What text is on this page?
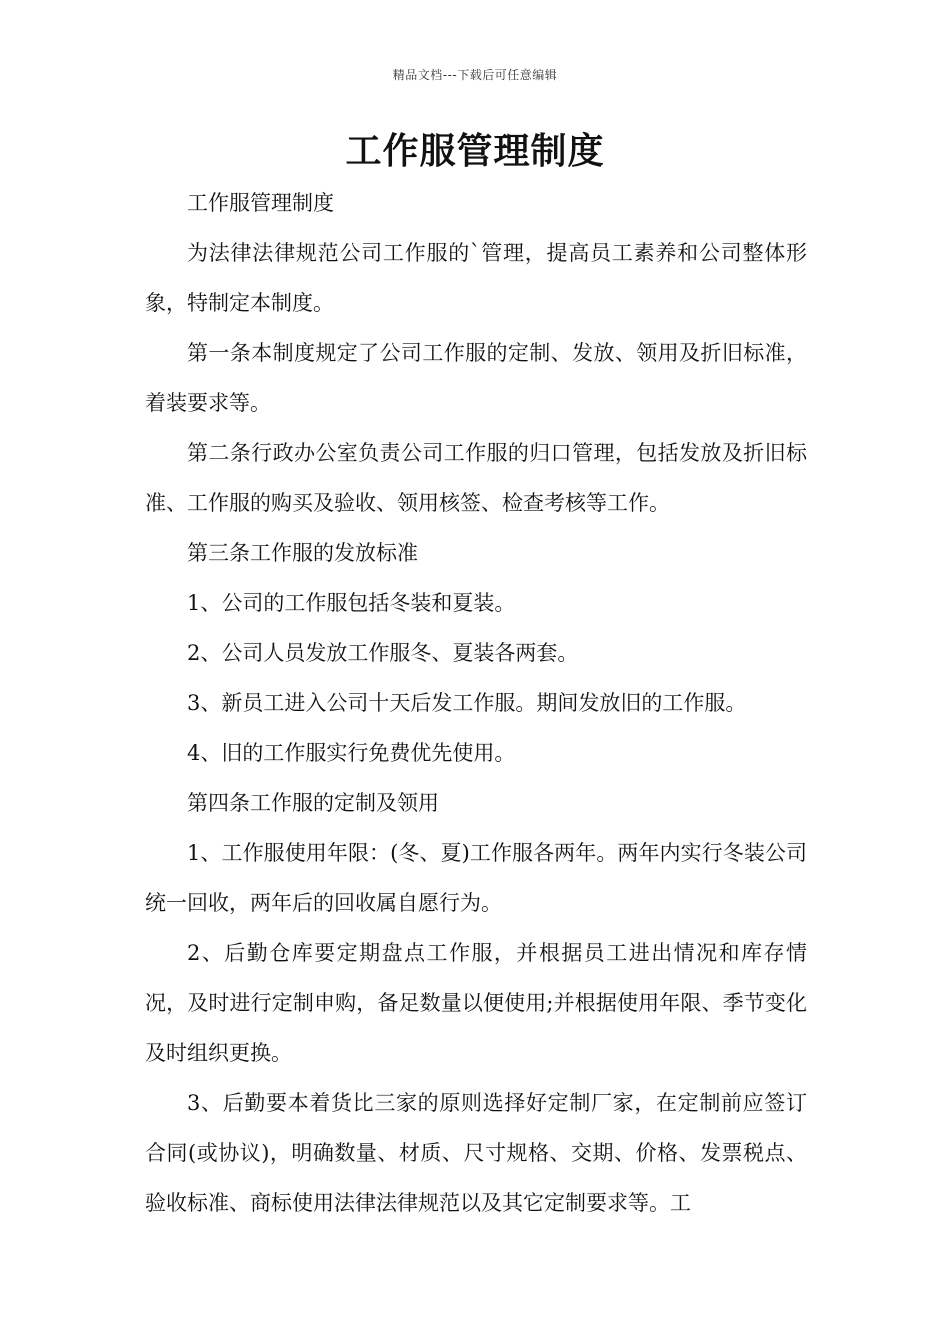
精品文档---下载后可任意编辑
工作服管理制度

工作服管理制度

为法律法律规范公司工作服的`管理，提高员工素养和公司整体形象，特制定本制度。

第一条本制度规定了公司工作服的定制、发放、领用及折旧标准，着装要求等。

第二条行政办公室负责公司工作服的归口管理，包括发放及折旧标准、工作服的购买及验收、领用核签、检查考核等工作。

第三条工作服的发放标准

1、公司的工作服包括冬装和夏装。

2、公司人员发放工作服冬、夏装各两套。

3、新员工进入公司十天后发工作服。期间发放旧的工作服。

4、旧的工作服实行免费优先使用。

第四条工作服的定制及领用

1、工作服使用年限：(冬、夏)工作服各两年。两年内实行冬装公司统一回收，两年后的回收属自愿行为。

2、后勤仓库要定期盘点工作服，并根据员工进出情况和库存情况，及时进行定制申购，备足数量以便使用;并根据使用年限、季节变化及时组织更换。

3、后勤要本着货比三家的原则选择好定制厂家，在定制前应签订合同(或协议)，明确数量、材质、尺寸规格、交期、价格、发票税点、验收标准、商标使用法律法律规范以及其它定制要求等。工
